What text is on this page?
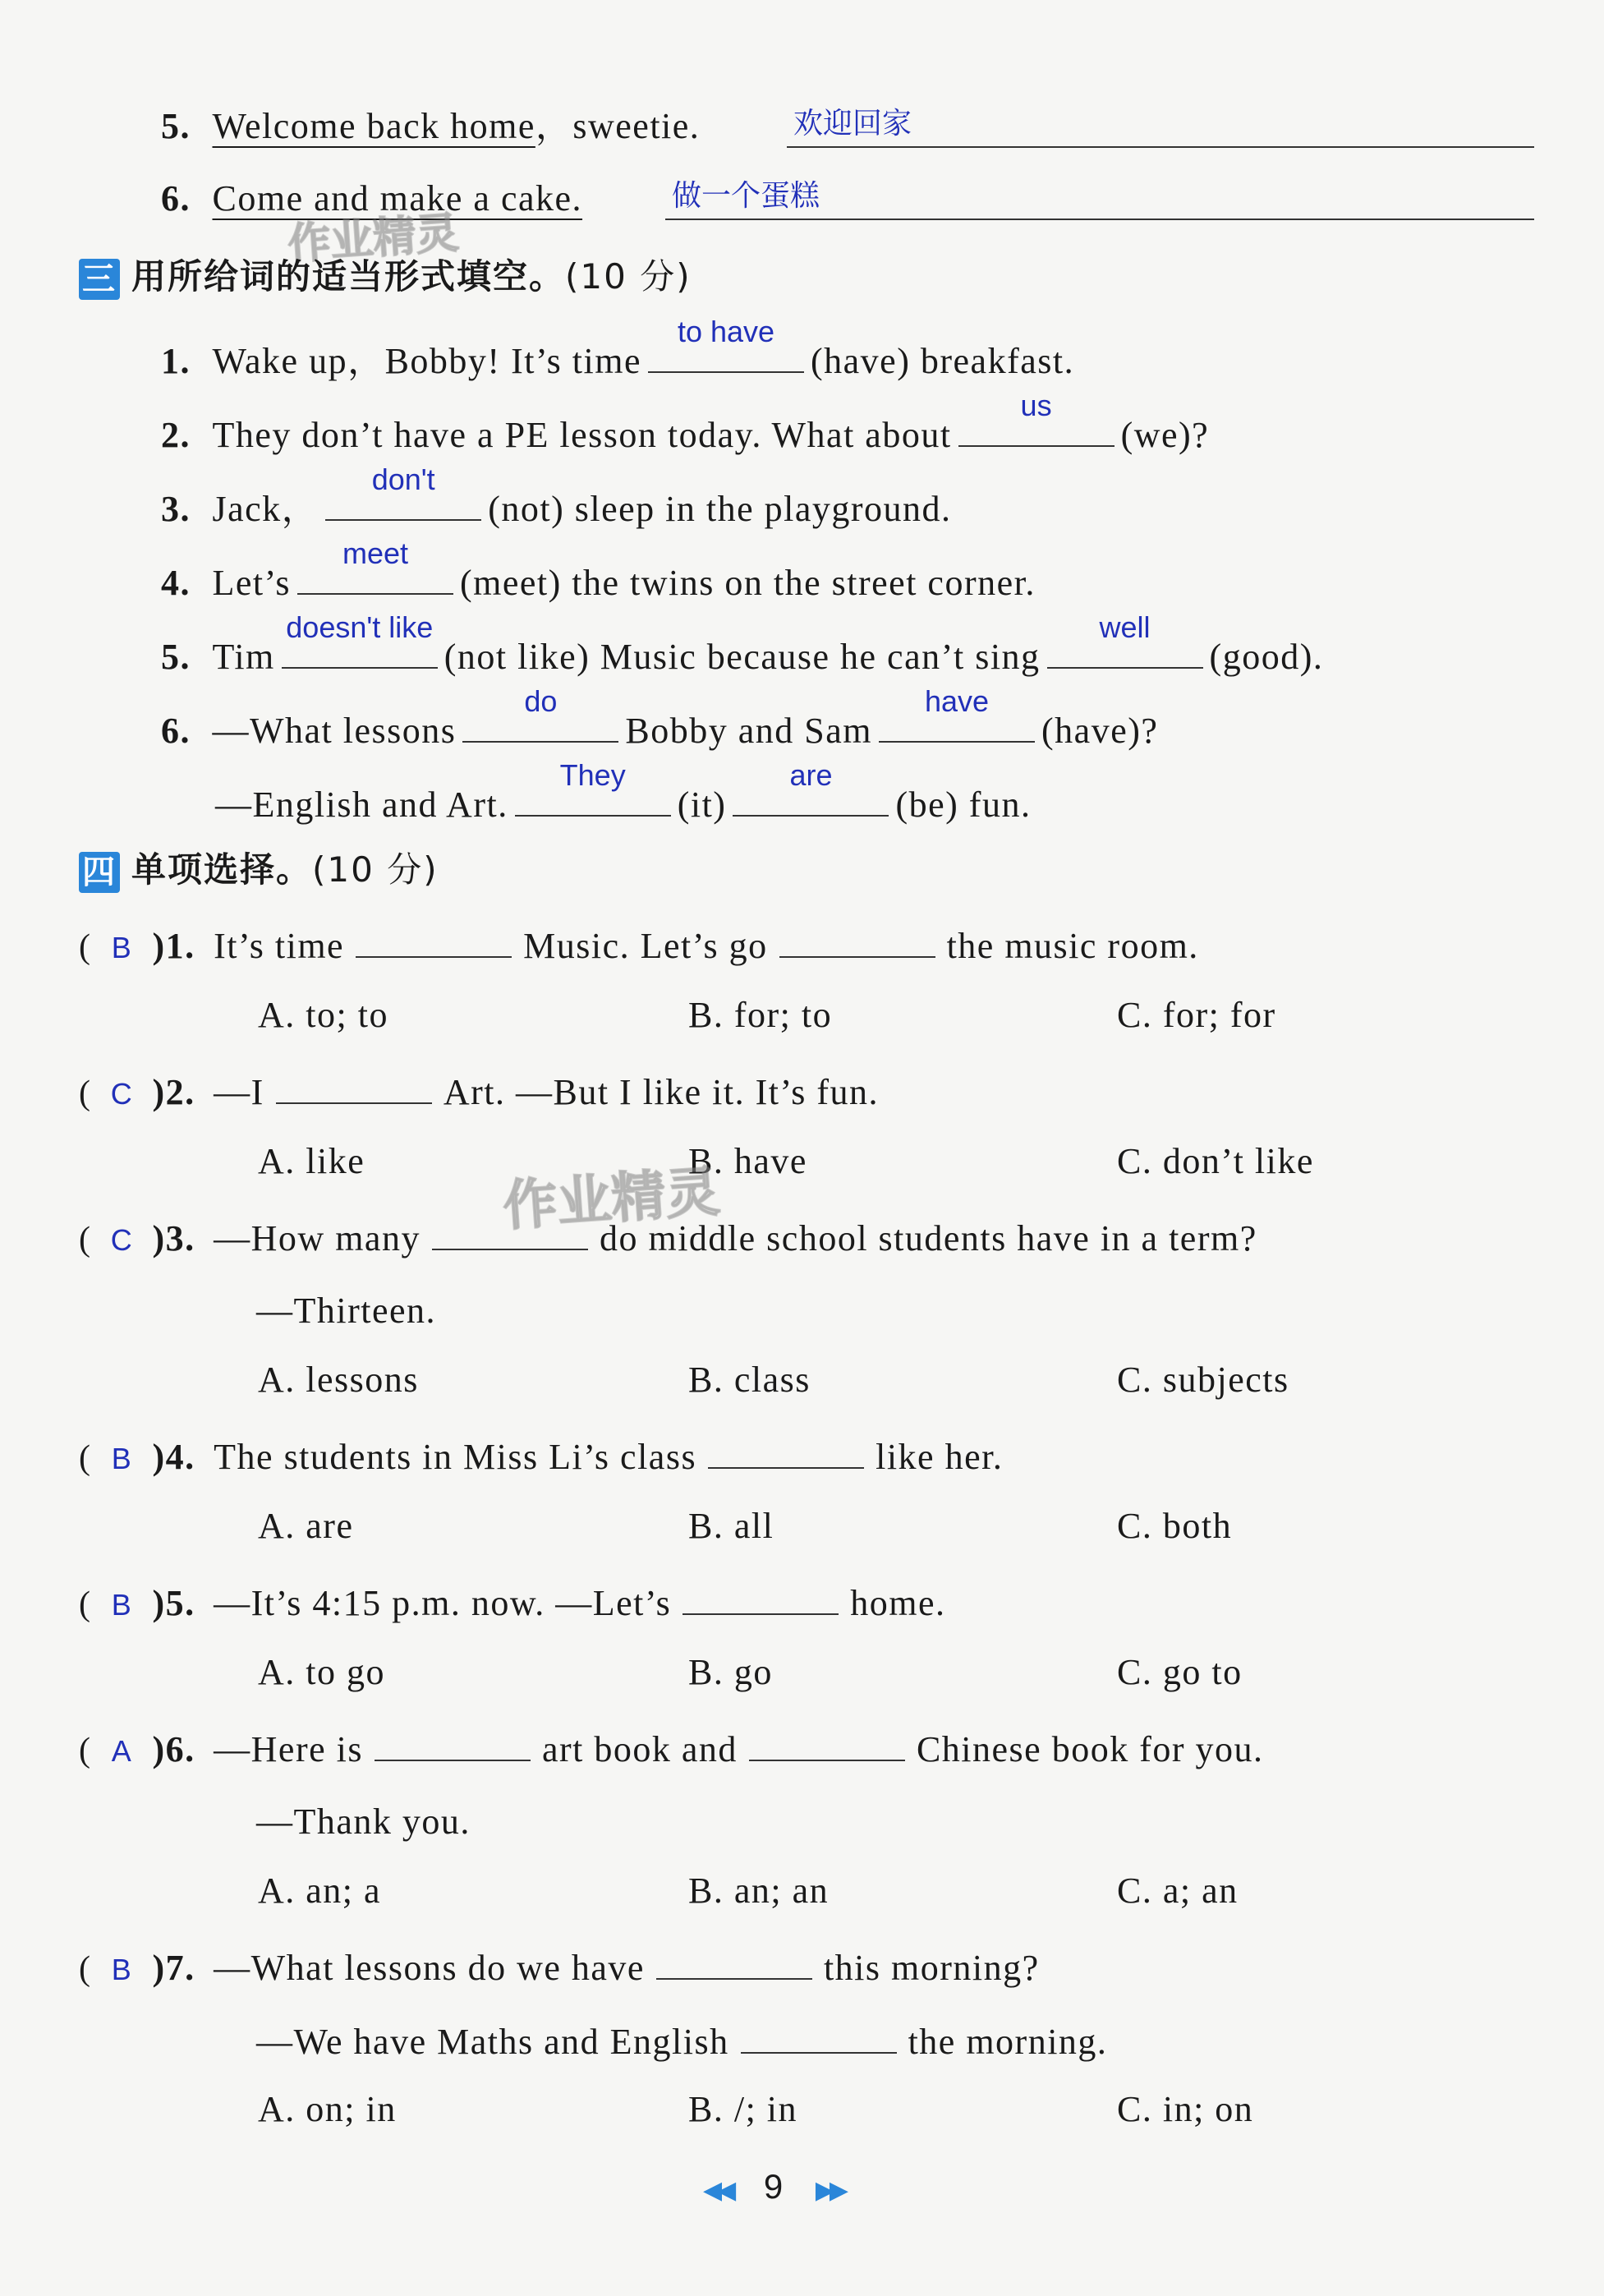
5. Welcome back home，sweetie.	欢迎回家
6. Come and make a cake.	做一个蛋糕
作业精灵
三 用所给词的适当形式填空。(10 分)
1. Wake up，Bobby! It’s time
to have
(have) breakfast.
2. They don’t have a PE lesson today. What about
us
(we)?
3. Jack，
don't
(not) sleep in the playground.
4. Let’s
meet
(meet) the twins on the street corner.
5. Tim
doesn't like
(not like) Music because he can’t sing
well
(good).
6. —What lessons
do
Bobby and Sam
have
(have)?
—English and Art.
They
(it)
are
(be) fun.
四 单项选择。(10 分)
( B )1. It’s time	Music. Let’s go	the music room.
A. to; to	B. for; to	C. for; for
( C )2. —I	Art. —But I like it. It’s fun.
A. like	B. have	C. don’t like
作业精灵
( C )3. —How many	do middle school students have in a term?
—Thirteen.
A. lessons	B. class	C. subjects
( B )4. The students in Miss Li’s class	like her.
A. are	B. all	C. both
( B )5. —It’s 4:15 p.m. now. —Let’s	home.
A. to go	B. go	C. go to
( A )6. —Here is	art book and	Chinese book for you.
—Thank you.
A. an; a	B. an; an	C. a; an
( B )7. —What lessons do we have	this morning?
—We have Maths and English	the morning.
A. on; in	B. /; in	C. in; on
◀◀ 9 ▶▶
